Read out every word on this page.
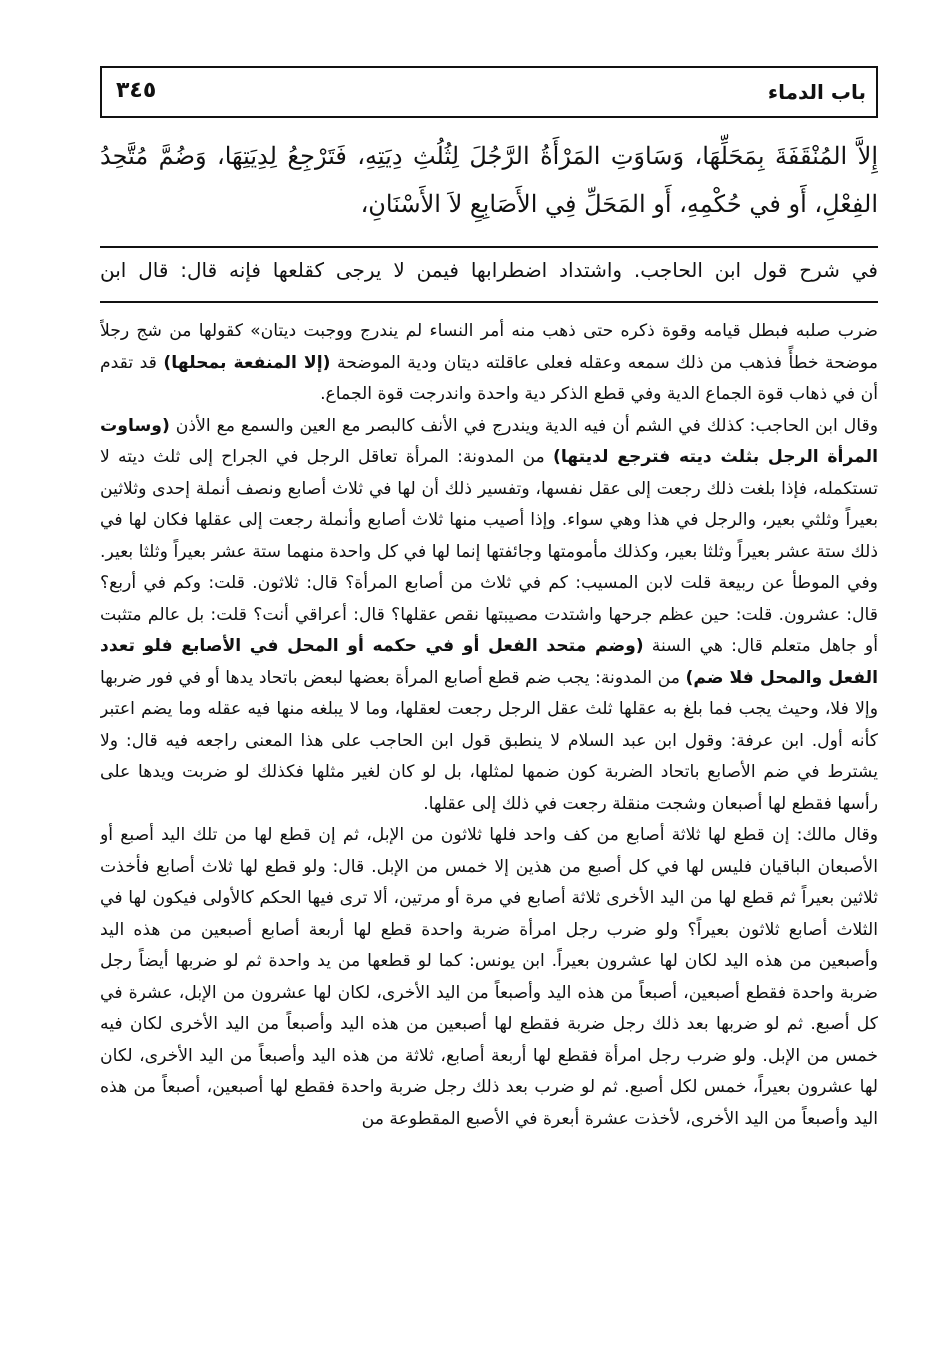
باب الدماء
٣٤٥
إِلاَّ المُنْقَفَةَ بِمَحَلِّهَا، وَسَاوَتِ المَرْأَةُ الرَّجُلَ لِثُلُثِ دِيَتِهِ، فَتَرْجِعُ لِدِيَتِهَا، وَضُمَّ مُتَّحِدُ الفِعْلِ، أَو في حُكْمِهِ، أَو المَحَلِّ فِي الأَصَابِعِ لاَ الأَسْنَانِ،
في شرح قول ابن الحاجب. واشتداد اضطرابها فيمن لا يرجى كقلعها فإنه قال: قال ابن

ضرب صلبه فبطل قيامه وقوة ذكره حتى ذهب منه أمر النساء لم يندرج ووجبت ديتان» كقولها من شج رجلاً موضحة خطأً فذهب من ذلك سمعه وعقله فعلى عاقلته ديتان ودية الموضحة (إلا المنفعة بمحلها) قد تقدم أن في ذهاب قوة الجماع الدية وفي قطع الذكر دية واحدة واندرجت قوة الجماع.

وقال ابن الحاجب: كذلك في الشم أن فيه الدية ويندرج في الأنف كالبصر مع العين والسمع مع الأذن (وساوت المرأة الرجل بثلث ديته فترجع لديتها) من المدونة: المرأة تعاقل الرجل في الجراح إلى ثلث ديته لا تستكمله، فإذا بلغت ذلك رجعت إلى عقل نفسها، وتفسير ذلك أن لها في ثلاث أصابع ونصف أنملة إحدى وثلاثين بعيراً وثلثي بعير، والرجل في هذا وهي سواء. وإذا أصيب منها ثلاث أصابع وأنملة رجعت إلى عقلها فكان لها في ذلك ستة عشر بعيراً وثلثا بعير، وكذلك مأمومتها وجائفتها إنما لها في كل واحدة منهما ستة عشر بعيراً وثلثا بعير. وفي الموطأ عن ربيعة قلت لابن المسيب: كم في ثلاث من أصابع المرأة؟ قال: ثلاثون. قلت: وكم في أربع؟ قال: عشرون. قلت: حين عظم جرحها واشتدت مصيبتها نقص عقلها؟ قال: أعراقي أنت؟ قلت: بل عالم متثبت أو جاهل متعلم قال: هي السنة (وضم متحد الفعل أو في حكمه أو المحل في الأصابع فلو تعدد الفعل والمحل فلا ضم) من المدونة: يجب ضم قطع أصابع المرأة بعضها لبعض باتحاد يدها أو في فور ضربها وإلا فلا، وحيث يجب فما بلغ به عقلها ثلث عقل الرجل رجعت لعقلها، وما لا يبلغه منها فيه عقله وما يضم اعتبر كأنه أول. ابن عرفة: وقول ابن عبد السلام لا ينطبق قول ابن الحاجب على هذا المعنى راجعه فيه قال: ولا يشترط في ضم الأصابع باتحاد الضربة كون ضمها لمثلها، بل لو كان لغير مثلها فكذلك لو ضربت ويدها على رأسها فقطع لها أصبعان وشجت منقلة رجعت في ذلك إلى عقلها.

وقال مالك: إن قطع لها ثلاثة أصابع من كف واحد فلها ثلاثون من الإبل، ثم إن قطع لها من تلك اليد أصبع أو الأصبعان الباقيان فليس لها في كل أصبع من هذين إلا خمس من الإبل. قال: ولو قطع لها ثلاث أصابع فأخذت ثلاثين بعيراً ثم قطع لها من اليد الأخرى ثلاثة أصابع في مرة أو مرتين، ألا ترى فيها الحكم كالأولى فيكون لها في الثلاث أصابع ثلاثون بعيراً؟ ولو ضرب رجل امرأة ضربة واحدة قطع لها أربعة أصابع أصبعين من هذه اليد وأصبعين من هذه اليد لكان لها عشرون بعيراً. ابن يونس: كما لو قطعها من يد واحدة ثم لو ضربها أيضاً رجل ضربة واحدة فقطع أصبعين، أصبعاً من هذه اليد وأصبعاً من اليد الأخرى، لكان لها عشرون من الإبل، عشرة في كل أصبع. ثم لو ضربها بعد ذلك رجل ضربة فقطع لها أصبعين من هذه اليد وأصبعاً من اليد الأخرى لكان فيه خمس من الإبل. ولو ضرب رجل امرأة فقطع لها أربعة أصابع، ثلاثة من هذه اليد وأصبعاً من اليد الأخرى، لكان لها عشرون بعيراً، خمس لكل أصبع. ثم لو ضرب بعد ذلك رجل ضربة واحدة فقطع لها أصبعين، أصبعاً من هذه اليد وأصبعاً من اليد الأخرى، لأخذت عشرة أبعرة في الأصبع المقطوعة من
